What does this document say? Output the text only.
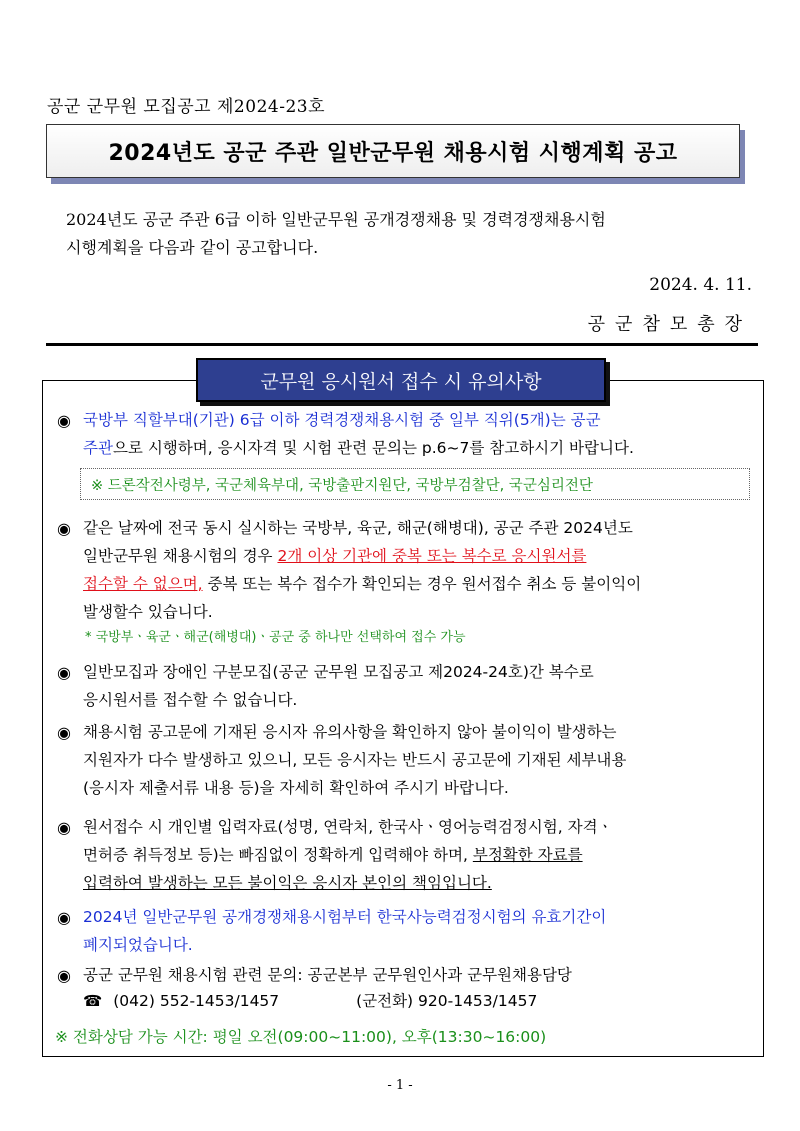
공군 군무원 모집공고 제2024-23호
2024년도 공군 주관 일반군무원 채용시험 시행계획 공고
2024년도 공군 주관 6급 이하 일반군무원 공개경쟁채용 및 경력경쟁채용시험
시행계획을 다음과 같이 공고합니다.
2024. 4. 11.
공군참모총장
군무원 응시원서 접수 시 유의사항
◉ 국방부 직할부대(기관) 6급 이하 경력경쟁채용시험 중 일부 직위(5개)는 공군
주관으로 시행하며, 응시자격 및 시험 관련 문의는 p.6~7를 참고하시기 바랍니다.
※ 드론작전사령부, 국군체육부대, 국방출판지원단, 국방부검찰단, 국군심리전단
◉ 같은 날짜에 전국 동시 실시하는 국방부, 육군, 해군(해병대), 공군 주관 2024년도
일반군무원 채용시험의 경우 2개 이상 기관에 중복 또는 복수로 응시원서를
접수할 수 없으며, 중복 또는 복수 접수가 확인되는 경우 원서접수 취소 등 불이익이
발생할수 있습니다.
* 국방부ㆍ육군ㆍ해군(해병대)ㆍ공군 중 하나만 선택하여 접수 가능
◉ 일반모집과 장애인 구분모집(공군 군무원 모집공고 제2024-24호)간 복수로
응시원서를 접수할 수 없습니다.
◉ 채용시험 공고문에 기재된 응시자 유의사항을 확인하지 않아 불이익이 발생하는
지원자가 다수 발생하고 있으니, 모든 응시자는 반드시 공고문에 기재된 세부내용
(응시자 제출서류 내용 등)을 자세히 확인하여 주시기 바랍니다.
◉ 원서접수 시 개인별 입력자료(성명, 연락처, 한국사ㆍ영어능력검정시험, 자격ㆍ
면허증 취득정보 등)는 빠짐없이 정확하게 입력해야 하며, 부정확한 자료를
입력하여 발생하는 모든 불이익은 응시자 본인의 책임입니다.
◉ 2024년 일반군무원 공개경쟁채용시험부터 한국사능력검정시험의 유효기간이
폐지되었습니다.
◉ 공군 군무원 채용시험 관련 문의: 공군본부 군무원인사과 군무원채용담당
☎ (042) 552-1453/1457	(군전화) 920-1453/1457
※ 전화상담 가능 시간: 평일 오전(09:00~11:00), 오후(13:30~16:00)
- 1 -
